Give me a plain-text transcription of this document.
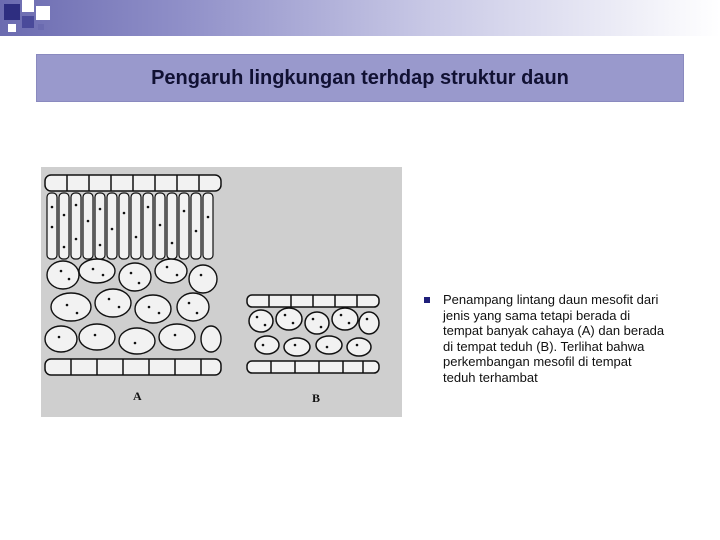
Pengaruh lingkungan terhdap struktur daun
A	B
Penampang lintang daun mesofit dari jenis yang sama tetapi berada di tempat banyak cahaya (A) dan berada di tempat teduh (B). Terlihat bahwa perkembangan mesofil di tempat teduh terhambat
